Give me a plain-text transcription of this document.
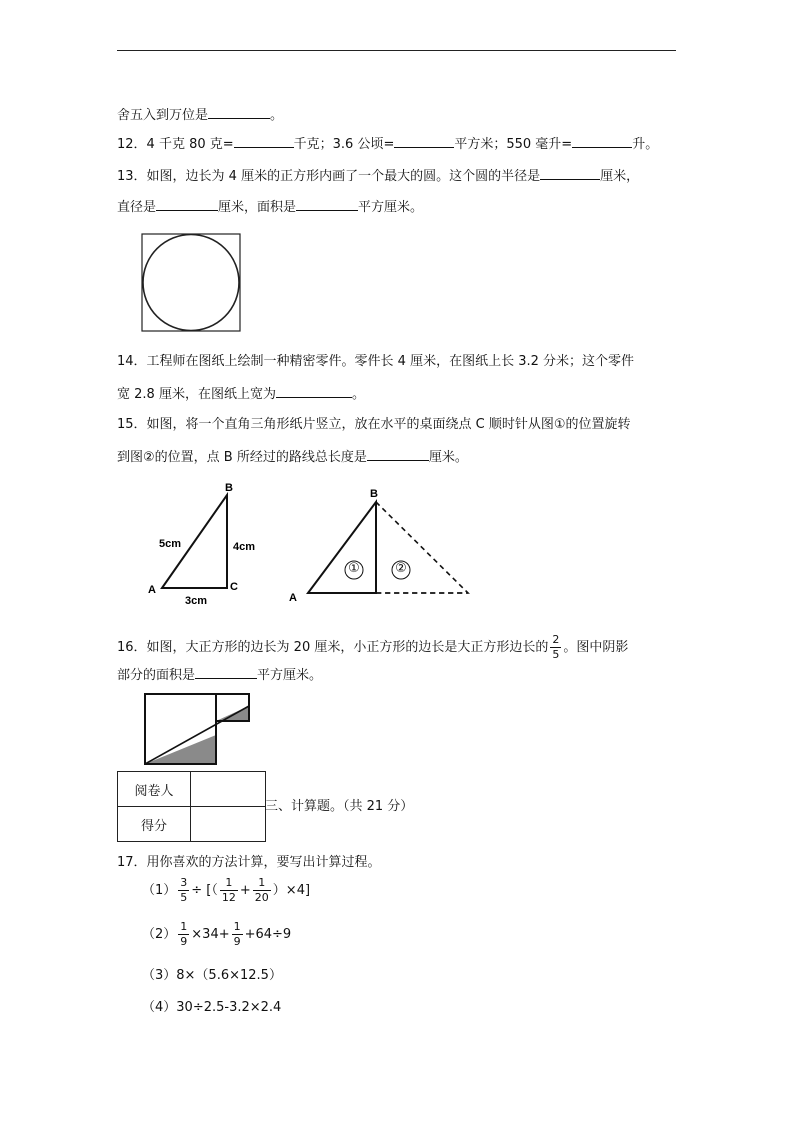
舍五入到万位是	。
12．4 千克 80 克=	千克；3.6 公顷=	平方米；550 毫升=	升。
13．如图，边长为 4 厘米的正方形内画了一个最大的圆。这个圆的半径是	厘米，
直径是	厘米，面积是	平方厘米。
14．工程师在图纸上绘制一种精密零件。零件长 4 厘米，在图纸上长 3.2 分米；这个零件
宽 2.8 厘米，在图纸上宽为	。
15．如图，将一个直角三角形纸片竖立，放在水平的桌面绕点 C 顺时针从图①的位置旋转
到图②的位置，点 B 所经过的路线总长度是	厘米。
B
A	C
5cm	4cm
3cm
B
A
①	②
16．如图，大正方形的边长为 20 厘米，小正方形的边长是大正方形边长的 $\frac{2}{5}$ 。图中阴影
部分的面积是	平方厘米。
阅卷人	
得分	
三、计算题。（共 21 分）
17．用你喜欢的方法计算，要写出计算过程。
$(1) \frac{3}{5}$ ÷ [（ $\frac{1}{12} + \frac{1}{20} )\times 4$]
$(2) \frac{1}{9} \times 34+ \frac{1}{9} +64\div 9$
（3）8×（5.6×12.5）
（4）30÷2.5-3.2×2.4
